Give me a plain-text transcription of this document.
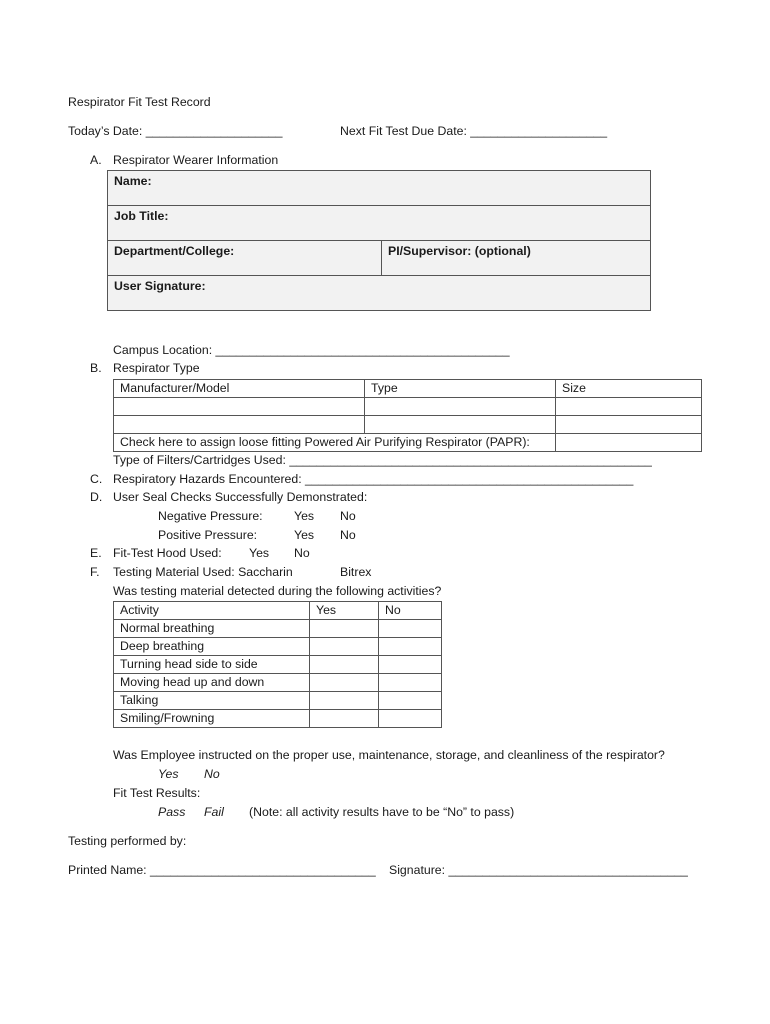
Respirator Fit Test Record
Today’s Date: ____________________	Next Fit Test Due Date: ____________________
A. Respirator Wearer Information
Name:
Job Title:
Department/College:	PI/Supervisor: (optional)
User Signature:
Campus Location: ___________________________________________
B. Respirator Type
Manufacturer/Model	Type	Size

Check here to assign loose fitting Powered Air Purifying Respirator (PAPR):		
Type of Filters/Cartridges Used: _____________________________________________________
C. Respiratory Hazards Encountered: ________________________________________________
D. User Seal Checks Successfully Demonstrated:
Negative Pressure:	Yes No
Positive Pressure:	Yes No
E. Fit-Test Hood Used: Yes No
F. Testing Material Used: Saccharin	Bitrex
Was testing material detected during the following activities?
Activity	Yes	No
Normal breathing		
Deep breathing		
Turning head side to side		
Moving head up and down		
Talking		
Smiling/Frowning		
Was Employee instructed on the proper use, maintenance, storage, and cleanliness of the respirator?
Yes No
Fit Test Results:
Pass Fail (Note: all activity results have to be “No” to pass)
Testing performed by:
Printed Name: _________________________________ Signature: ___________________________________
